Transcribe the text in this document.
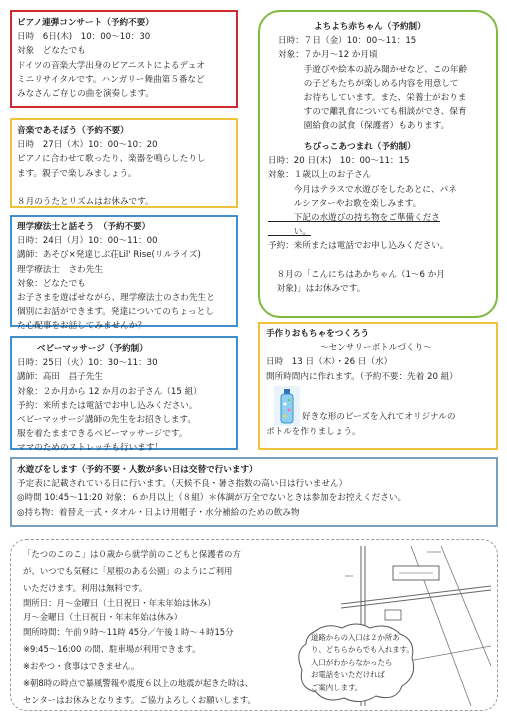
ピアノ連弾コンサート（予約不要）
日時　6日(木)　10：00～10：30
対象　どなたでも
ドイツの音楽大学出身のピアニストによるデュオ
ミニリサイタルです。ハンガリー舞曲第５番など
みなさんご存じの曲を演奏します。
音楽であそぼう（予約不要）
日時　27日（木）10：00～10：20
ピアノに合わせて歌ったり、楽器を鳴らしたりし
ます。親子で楽しみましょう。

８月のうたとリズムはお休みです。
理学療法士と話そう　（予約不要）
日時：24日（月）10：00～11：00
講師：あそび×発達じぶ荘Lil' Rise(リルライズ)
理学療法士　さわ先生
対象：どなたでも
お子さまを遊ばせながら、理学療法士のさわ先生と
個別にお話ができます。発達についてのちょっとし
た心配事をお話してみませんか？
ベビーマッサージ（予約制）
日時：25日（火）10：30～11：30
講師：高田　昌子先生
対象：２か月から 12 か月のお子さん（15 組）
予約：来所または電話でお申し込みください。
ベビーマッサージ講師の先生をお招きします。
服を着たままできるベビーマッサージです。
ママのためのストレッチも行います！
よちよち赤ちゃん（予約制）
日時：７日（金）10：00～11：15
対象：７か月～12 か月頃
　　　手遊びや絵本の読み聞かせなど、この年齢
　　　の子どもたちが楽しめる内容を用意して
　　　お待ちしています。また、栄養士がおりま
　　　すので離乳食についても相談ができ、保育
　　　園給食の試食（保護者）もあります。
ちびっこあつまれ（予約制）
日時：20 日(木)　10：00～11：15
対象：１歳以上のお子さん
　　　今月はテラスで水遊びをしたあとに、パネ
　　　ルシアターやお歌を楽しみます。
　　　下記の水遊びの持ち物をご準備くださ
　　　い。
予約：来所または電話でお申し込みください。

　８月の「こんにちはあかちゃん（1～6 か月
　対象)」はお休みです。
手作りおもちゃをつくろう
～センサリーボトルづくり～
日時　13 日（木）・26 日（水）
開所時間内に作れます。（予約不要：先着 20 組）
好きな形のビーズを入れてオリジナルの
ボトルを作りましょう。
水遊びをします（予約不要・人数が多い日は交替で行います）
予定表に記載されている日に行います。（天候不良・暑さ指数の高い日は行いません）
◎時間 10:45～11:20 対象：６か月以上（８組）＊体調が万全でないときは参加をお控えください。
◎持ち物：着替え一式・タオル・日よけ用帽子・水分補給のための飲み物
「たつのこのこ」は０歳から就学前のこどもと保護者の方
が、いつでも気軽に「屋根のある公園」のようにご利用
いただけます。利用は無料です。
開所日：月～金曜日（土日祝日・年末年始は休み）
月～金曜日（土日祝日・年末年始は休み）
開所時間：午前９時～11時 45分／午後１時～４時15分
※9:45～16:00 の間、駐車場が利用できます。
※おやつ・食事はできません。
※朝8時の時点で暴風警報や震度６以上の地震が起きた時は、
センターはお休みとなります。ご協力よろしくお願いします。
道路からの入口は２か所あ
り、どちらからでも入れます。
入口がわからなかったら
お電話をいただければ
ご案内します。
